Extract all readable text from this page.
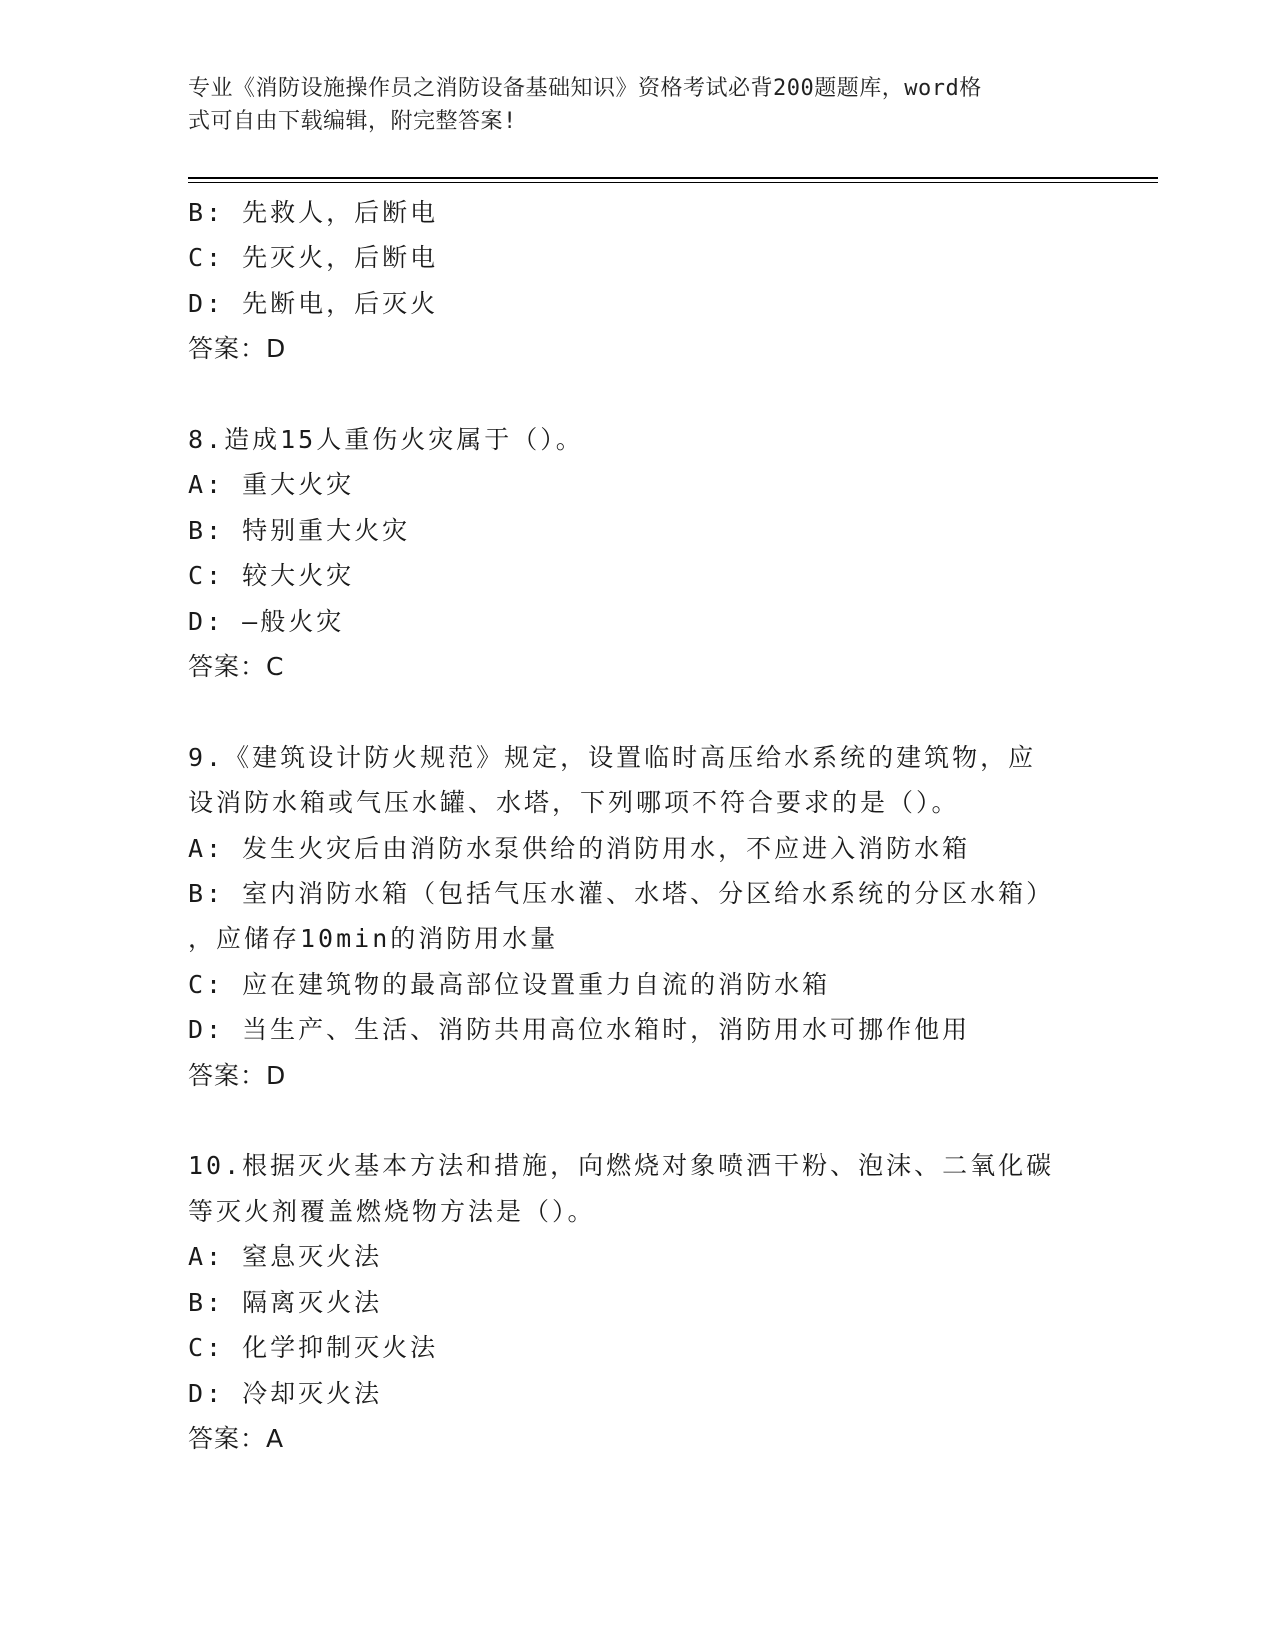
专业《消防设施操作员之消防设备基础知识》资格考试必背200题题库，word格
式可自由下载编辑，附完整答案!
B: 先救人，后断电
C: 先灭火，后断电
D: 先断电，后灭火
答案：D
8.造成15人重伤火灾属于（）。
A: 重大火灾
B: 特别重大火灾
C: 较大火灾
D: —般火灾
答案：C
9.《建筑设计防火规范》规定，设置临时高压给水系统的建筑物，应
设消防水箱或气压水罐、水塔，下列哪项不符合要求的是（）。
A: 发生火灾后由消防水泵供给的消防用水，不应进入消防水箱
B: 室内消防水箱（包括气压水灌、水塔、分区给水系统的分区水箱）
，应储存10min的消防用水量
C: 应在建筑物的最高部位设置重力自流的消防水箱
D: 当生产、生活、消防共用高位水箱时，消防用水可挪作他用
答案：D
10.根据灭火基本方法和措施，向燃烧对象喷洒干粉、泡沫、二氧化碳
等灭火剂覆盖燃烧物方法是（）。
A: 窒息灭火法
B: 隔离灭火法
C: 化学抑制灭火法
D: 冷却灭火法
答案：A
